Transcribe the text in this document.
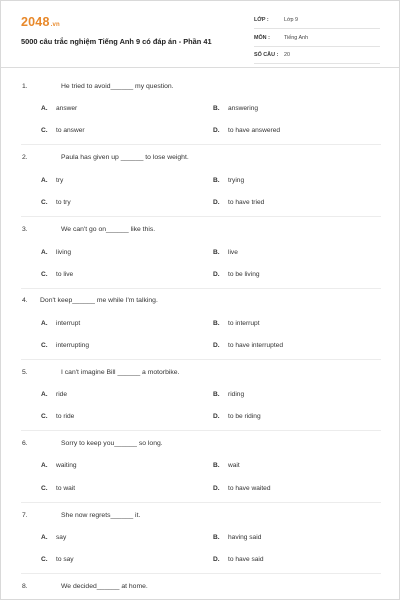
2048.vn
5000 câu trắc nghiệm Tiếng Anh 9 có đáp án - Phần 41
LỚP :	Lớp 9
MÔN :	Tiếng Anh
SỐ CÂU : 20
1.	He tried to avoid______ my question.
A. answer	B. answering
C. to answer	D. to have answered
2.	Paula has given up ______ to lose weight.
A. try	B. trying
C. to try	D. to have tried
3.	We can't go on______ like this.
A. living	B. live
C. to live	D. to be living
4. Don't keep______ me while I'm talking.
A. interrupt	B. to interrupt
C. interrupting	D. to have interrupted
5.	I can't imagine Bill ______ a motorbike.
A. ride	B. riding
C. to ride	D. to be riding
6.	Sorry to keep you______ so long.
A. waiting	B. wait
C. to wait	D. to have waited
7.	She now regrets______ it.
A. say	B. having said
C. to say	D. to have said
8.	We decided______ at home.
